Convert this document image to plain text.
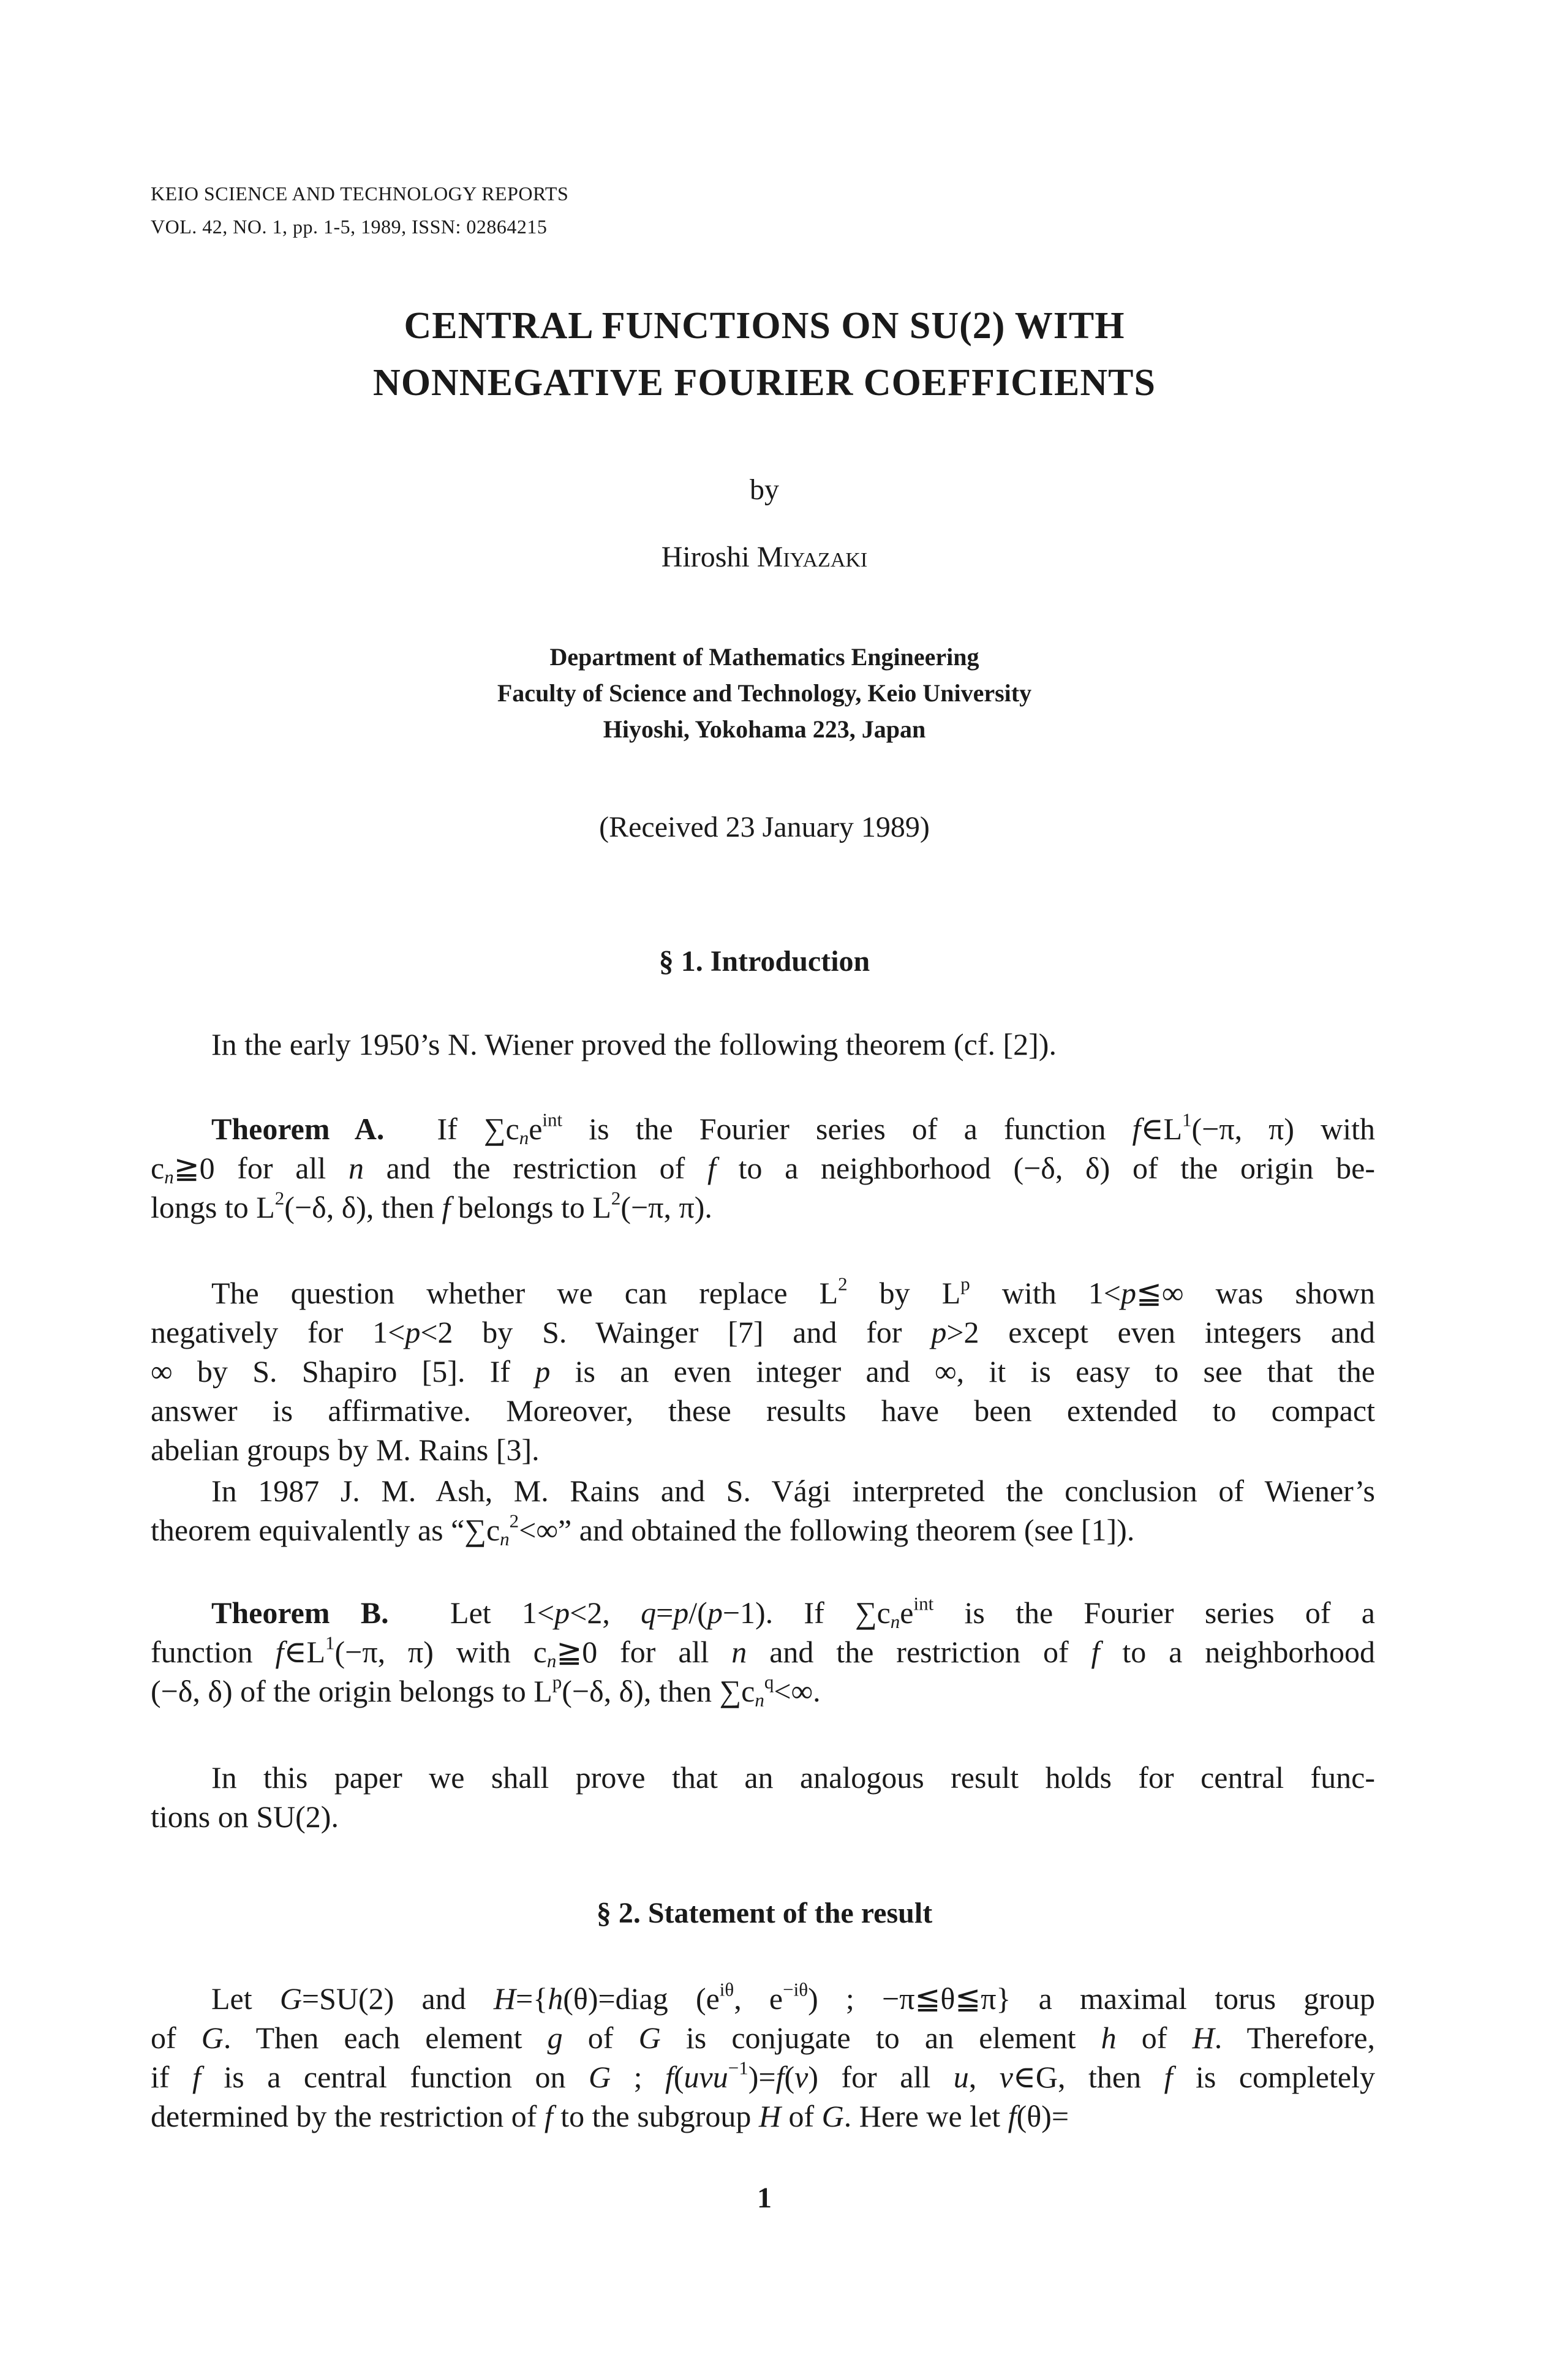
KEIO SCIENCE AND TECHNOLOGY REPORTS
VOL. 42, NO. 1, pp. 1-5, 1989, ISSN: 02864215
CENTRAL FUNCTIONS ON SU(2) WITH
NONNEGATIVE FOURIER COEFFICIENTS
by
Hiroshi Miyazaki
Department of Mathematics Engineering
Faculty of Science and Technology, Keio University
Hiyoshi, Yokohama 223, Japan
(Received 23 January 1989)
§ 1. Introduction
In the early 1950’s N. Wiener proved the following theorem (cf. [2]).
Theorem A.  If $\sum c_ne^{int}$ is the Fourier series of a function $f\in L^1(-\pi$, π) with
$c_n≧0$ for all n and the restriction of f to a neighborhood (−δ, δ) of the origin be-
longs to $L^2(-\delta$, δ), then f belongs to $L^2(-\pi$, π).
The question whether we can replace $L^2$ by $L^p$ with 1<p≦∞ was shown
negatively for 1<p<2 by S. Wainger [7] and for p>2 except even integers and
∞ by S. Shapiro [5]. If p is an even integer and ∞, it is easy to see that the
answer is affirmative. Moreover, these results have been extended to compact
abelian groups by M. Rains [3].
In 1987 J. M. Ash, M. Rains and S. Vági interpreted the conclusion of Wiener’s
theorem equivalently as “$\sum c_n^2<\infty$” and obtained the following theorem (see [1]).
Theorem B.  Let 1<p<2, q=p/(p−1). If $\sum c_ne^{int}$ is the Fourier series of a
function $f\in L^1(-\pi$, π) with $c_n≧0$ for all n and the restriction of f to a neighborhood
(−δ, δ) of the origin belongs to $L^p(-\delta$, δ), then $\sum c_n^q<\infty$.
In this paper we shall prove that an analogous result holds for central func-
tions on SU(2).
Let G=SU(2) and H={h(θ)=diag ($e^{i\theta}$, $e^{-i\theta}$) ; −π≦θ≦π} a maximal torus group
of G. Then each element g of G is conjugate to an element h of H. Therefore,
if f is a central function on G ; f(uvu$^{-1}$)=f(v) for all u, v∈G, then f is completely
determined by the restriction of f to the subgroup H of G. Here we let f(θ)=
§ 2. Statement of the result
1
